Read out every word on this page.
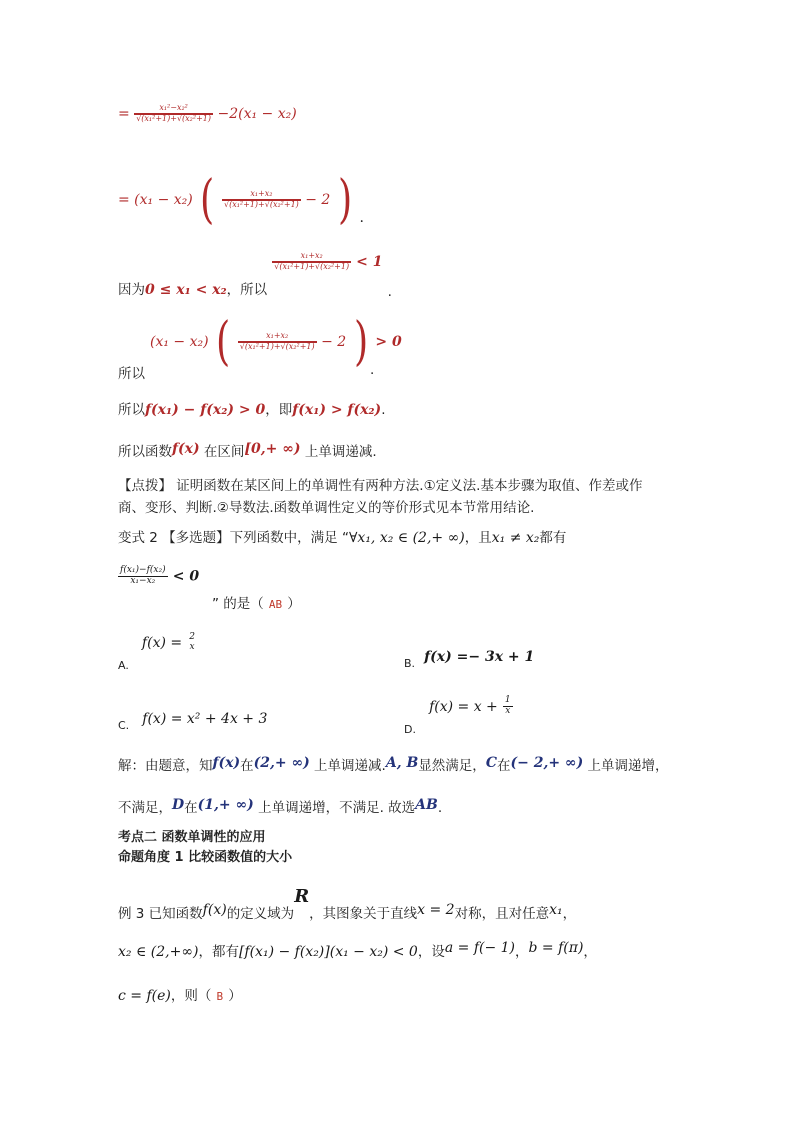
= $\frac{\text{x₁²−x₂²}}{\text{√(x₁²+1)+√(x₂²+1)}} -2(x_1 - x_2)$
= (x₁ − x₂) ( $\frac{\text{x₁+x₂}}{\text{√(x₁²+1)+√(x₂²+1)}} - 2$ ) .
$_{因为}0 \le x_1 < x_2_{,所以}$
$\frac{\text{x₁+x₂}}{\text{√(x₁²+1)+√(x₂²+1)}} < 1$ $_.$
(x₁ − x₂) ( $\frac{\text{x₁+x₂}}{\text{√(x₁²+1)+√(x₂²+1)}} - 2$ ) > 0
所以	.
所以f(x₁) − f(x₂) > 0，即f(x₁) > f(x₂).
所以函数f(x) 在区间[0,+ ∞) 上单调递减.
【点拨】 证明函数在某区间上的单调性有两种方法.①定义法.基本步骤为取值、作差或作
商、变形、判断.②导数法.函数单调性定义的等价形式见本节常用结论.
变式 2 【多选题】下列函数中，满足 “∀x₁, x₂ ∈ (2,+ ∞)，且x₁ ≠ x₂都有
$\frac{\text{f(x₁)−f(x₂)}}{\text{x₁−x₂}} < 0$
” 的是（ AB ）
$_{A.}$ f(x) = 2
x
$_{B.}$ f(x) =− 3x + 1
$_{C.}$ f(x) = x² + 4x + 3
$_{D.}$ $f(x) = x + \frac{1}{x}$
解：由题意，知f(x)在(2,+ ∞) 上单调递减.A, B显然满足，C在(− 2,+ ∞) 上单调递增，
不满足，D在(1,+ ∞) 上单调递增，不满足. 故选AB.
考点二 函数单调性的应用
命题角度 1 比较函数值的大小
$_{例 3 已知函数}f(x)_{的定义域为}R_{,其图象关于直线}x = 2_{对称,且对任意}x_1_,$
x₂ ∈ (2,+∞)，都有[f(x₁) − f(x₂)](x₁ − x₂) < 0，设a = f(− 1)，b = f(π)，
c = f(e)，则（ B ）
